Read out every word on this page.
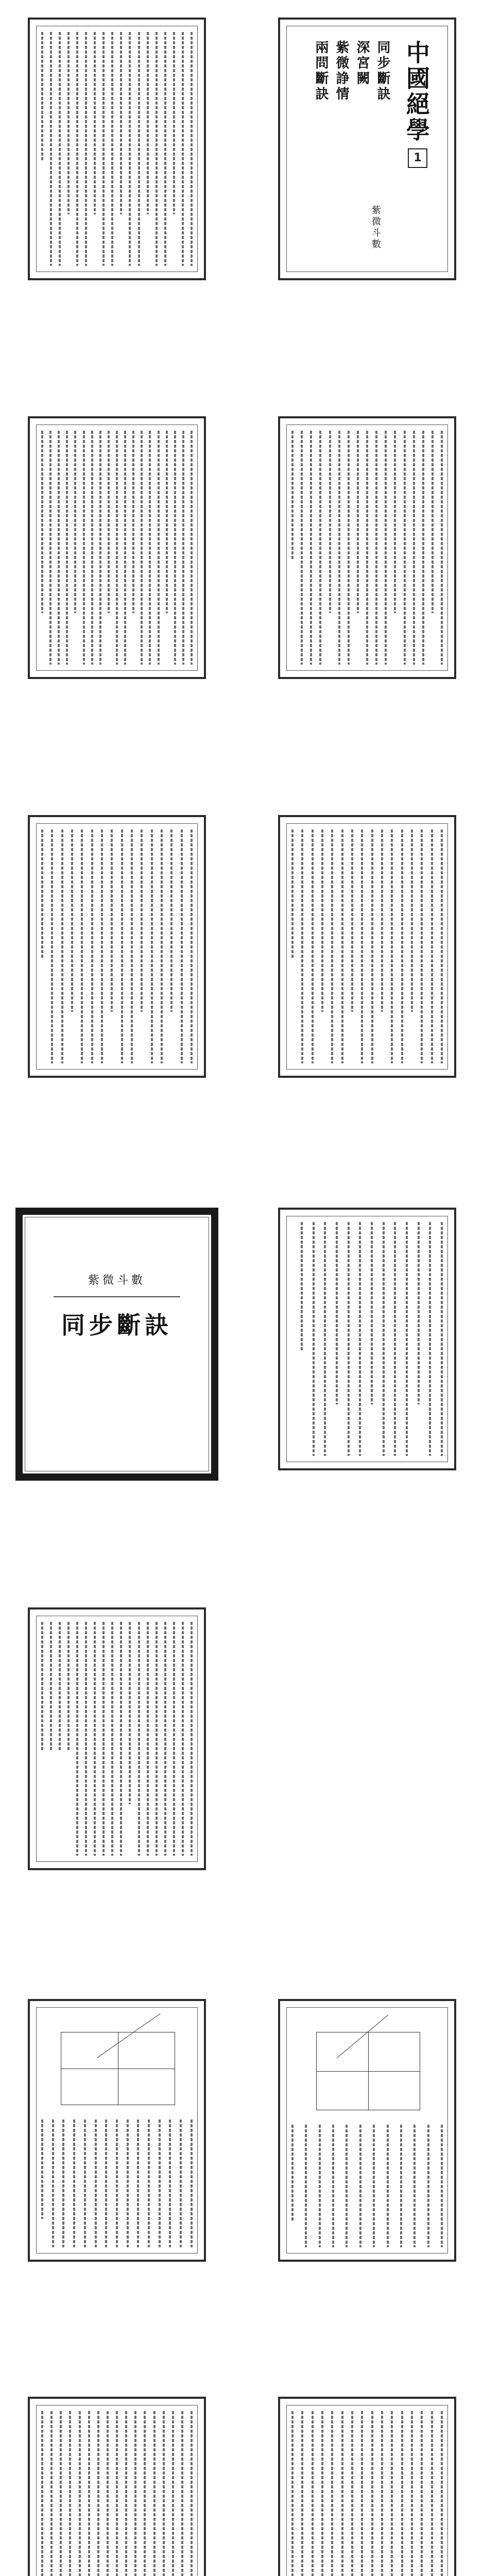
中國絕學
1
紫微斗數
同步斷訣
深宮闕
紫微諍情
兩問斷訣
紫微斗數
同步斷訣
